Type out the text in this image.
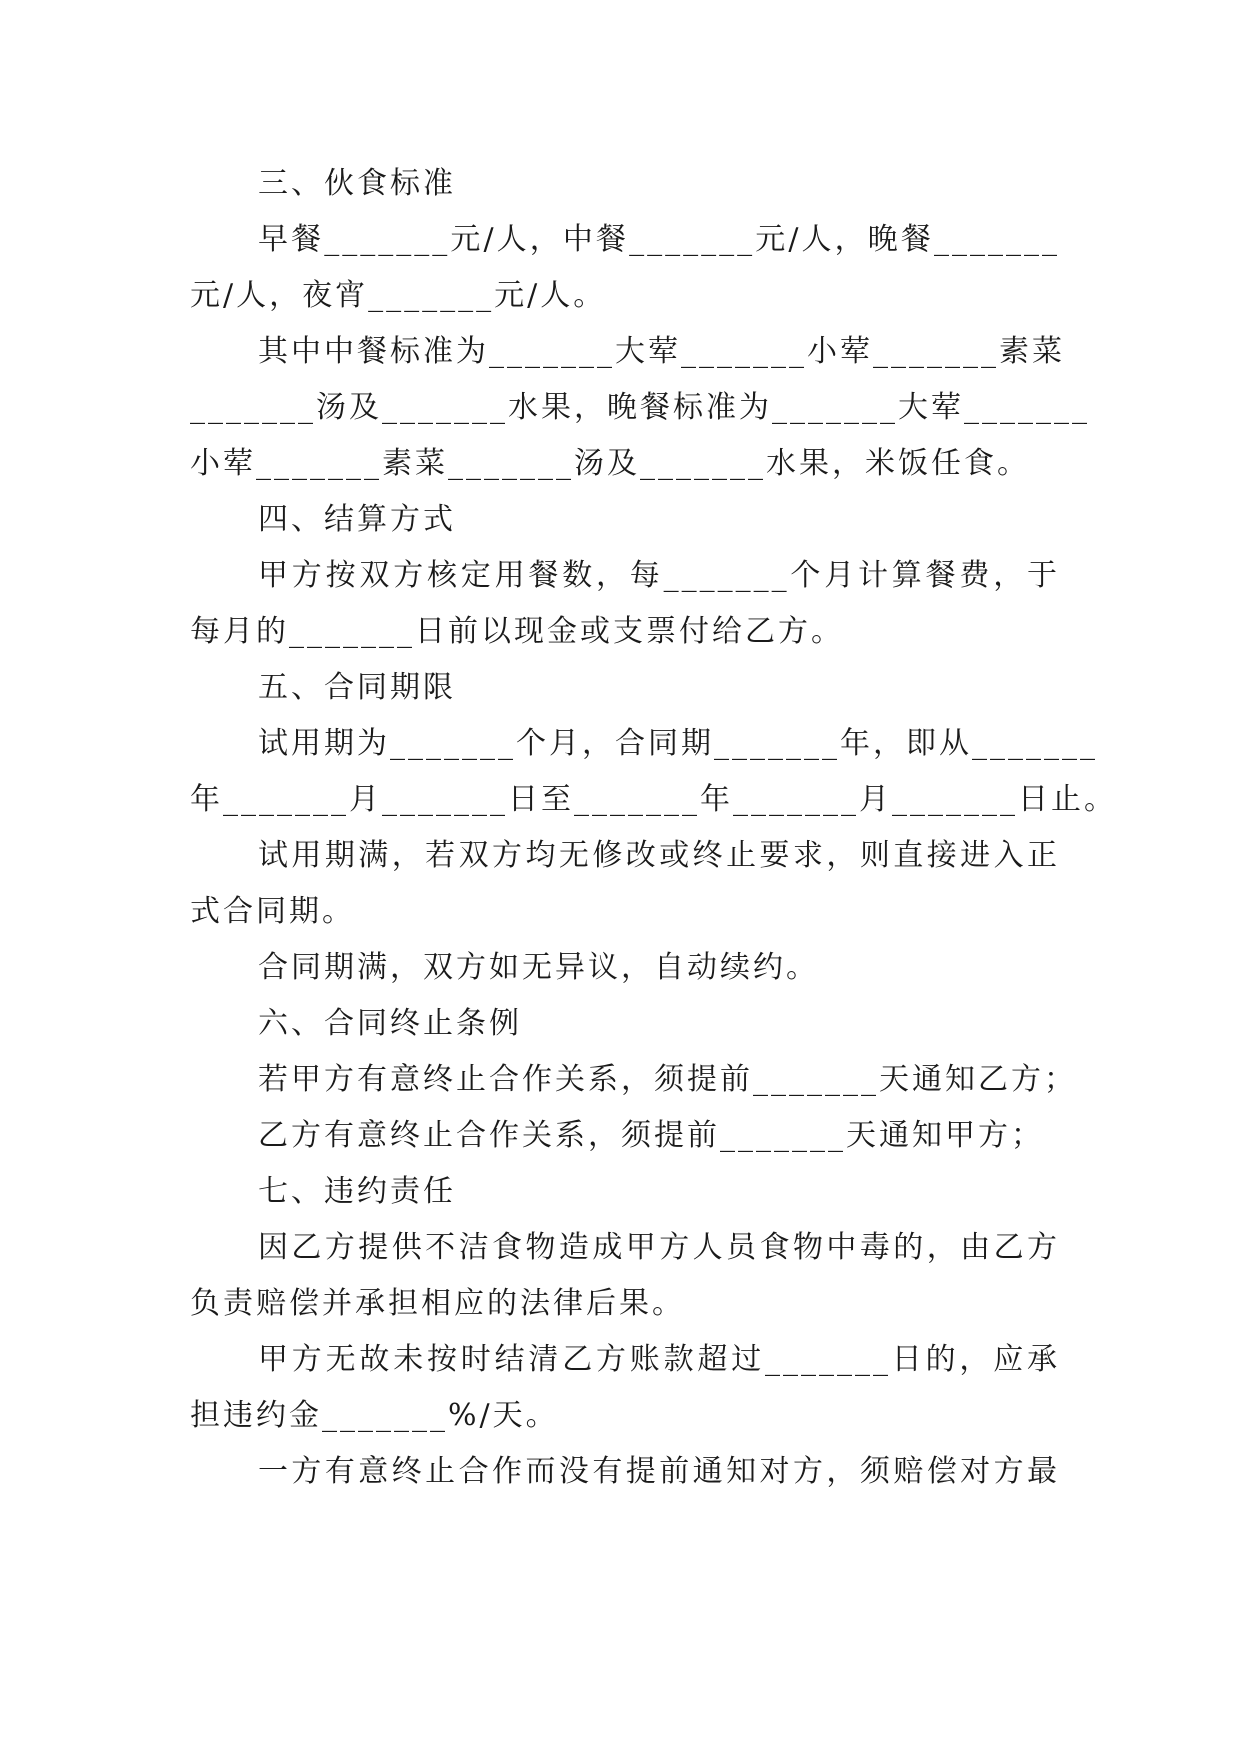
三、伙食标准
早餐_______元/人，中餐_______元/人，晚餐_______
元/人，夜宵_______元/人。
其中中餐标准为_______大荤_______小荤_______素菜
_______汤及_______水果，晚餐标准为_______大荤_______
小荤_______素菜_______汤及_______水果，米饭任食。
四、结算方式
甲方按双方核定用餐数，每_______个月计算餐费，于
每月的_______日前以现金或支票付给乙方。
五、合同期限
试用期为_______个月，合同期_______年，即从_______
年_______月_______日至_______年_______月_______日止。
试用期满，若双方均无修改或终止要求，则直接进入正
式合同期。
合同期满，双方如无异议，自动续约。
六、合同终止条例
若甲方有意终止合作关系，须提前_______天通知乙方；
乙方有意终止合作关系，须提前_______天通知甲方；
七、违约责任
因乙方提供不洁食物造成甲方人员食物中毒的，由乙方
负责赔偿并承担相应的法律后果。
甲方无故未按时结清乙方账款超过_______日的，应承
担违约金_______%/天。
一方有意终止合作而没有提前通知对方，须赔偿对方最
